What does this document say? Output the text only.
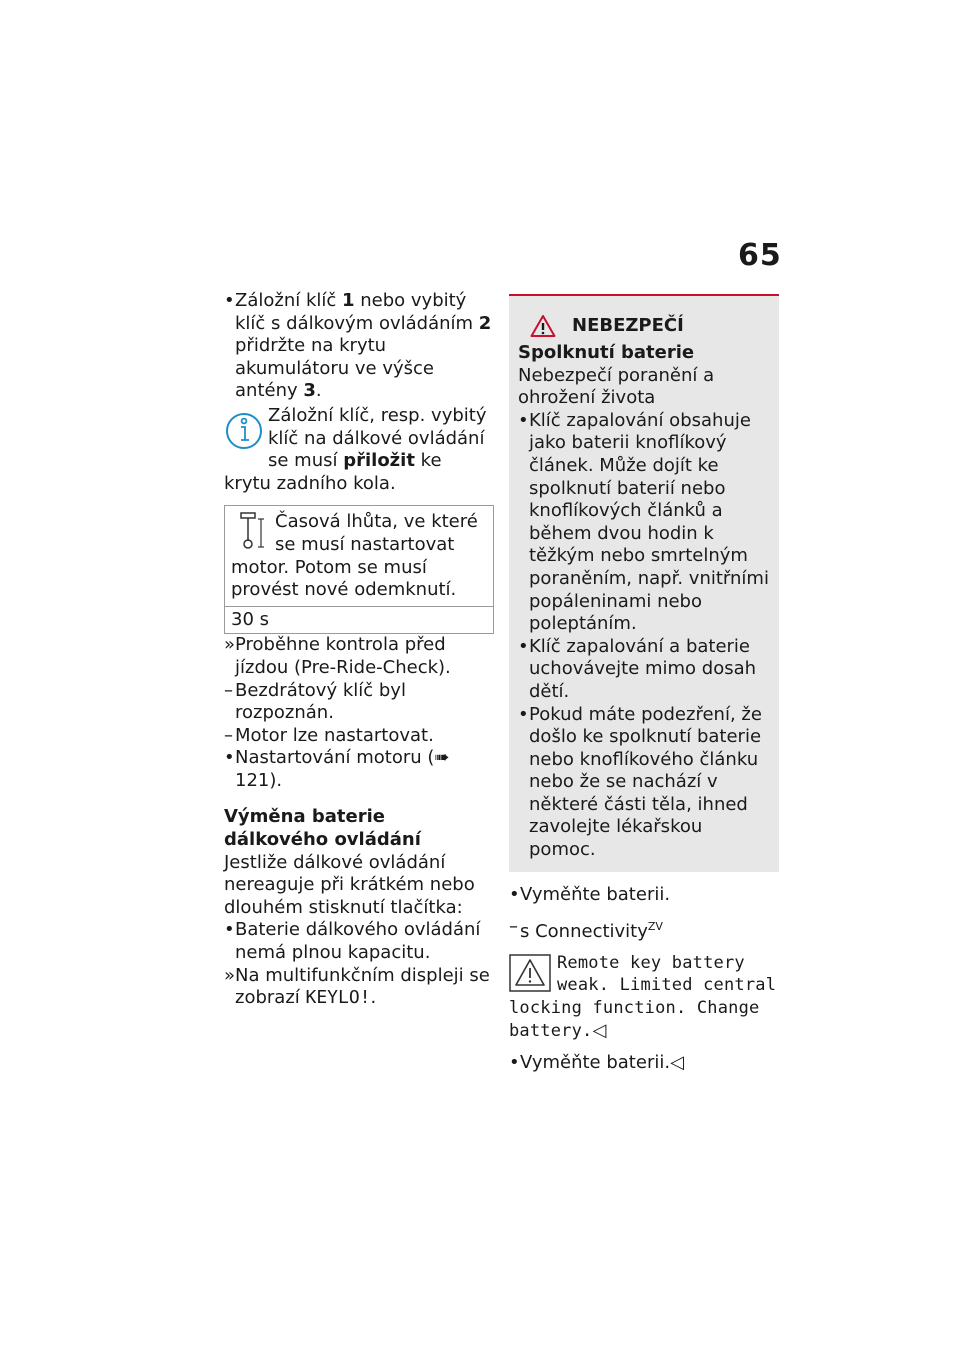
65
• Záložní klíč 1 nebo vybitý klíč s dálkovým ovládáním 2 přidržte na krytu akumulátoru ve výšce antény 3.
Záložní klíč, resp. vybitý klíč na dálkové ovládání se musí přiložit ke krytu zadního kola.
Časová lhůta, ve které se musí nastartovat motor. Potom se musí provést nové odemknutí.
30 s
» Proběhne kontrola před jízdou (Pre-Ride-Check).
– Bezdrátový klíč byl rozpoznán.
– Motor lze nastartovat.
• Nastartování motoru (➠ 121).
Výměna baterie dálkového ovládání
Jestliže dálkové ovládání nereaguje při krátkém nebo dlouhém stisknutí tlačítka:
• Baterie dálkového ovládání nemá plnou kapacitu.
» Na multifunkčním displeji se zobrazí KEYLO!.
NEBEZPEČÍ
Spolknutí baterie
Nebezpečí poranění a ohrožení života
• Klíč zapalování obsahuje jako baterii knoflíkový článek. Může dojít ke spolknutí baterií nebo knoflíkových článků a během dvou hodin k těžkým nebo smrtelným poraněním, např. vnitřními popáleninami nebo poleptáním.
• Klíč zapalování a baterie uchovávejte mimo dosah dětí.
• Pokud máte podezření, že došlo ke spolknutí baterie nebo knoflíkového článku nebo že se nachází v některé části těla, ihned zavolejte lékařskou pomoc.
• Vyměňte baterii.
– s Connectivity$^{ZV}$
Remote key battery weak. Limited central locking function. Change battery.◁
• Vyměňte baterii.◁
